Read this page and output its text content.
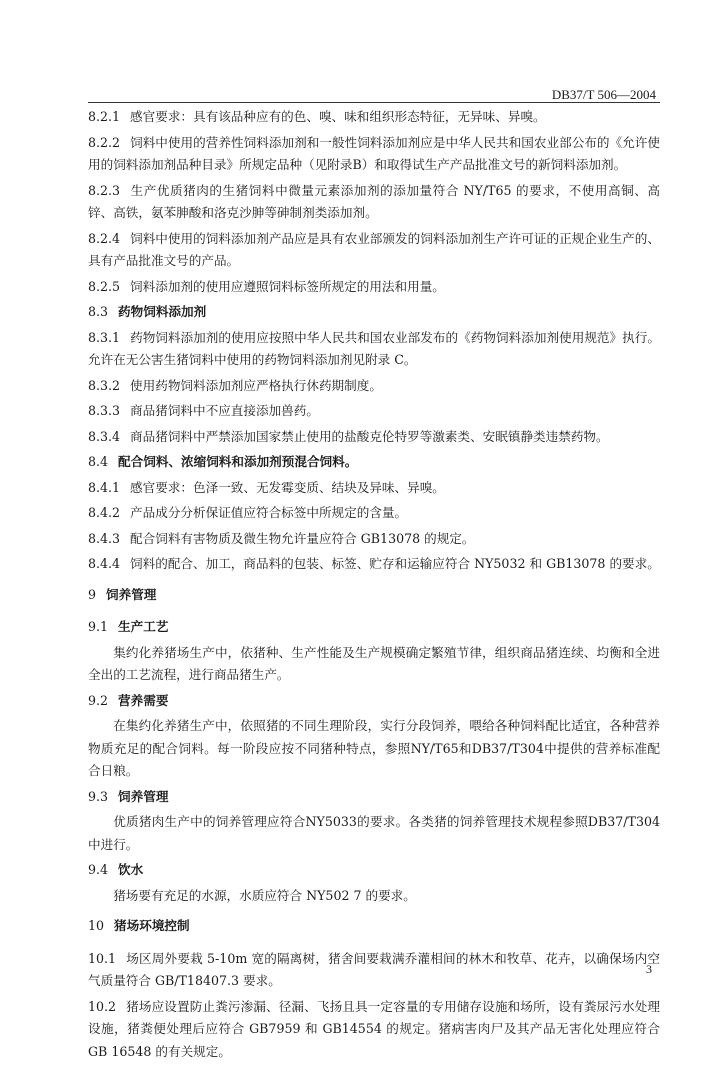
DB37/T 506—2004

8.2.1 感官要求：具有该品种应有的色、嗅、味和组织形态特征，无异味、异嗅。

8.2.2 饲料中使用的营养性饲料添加剂和一般性饲料添加剂应是中华人民共和国农业部公布的《允许使用的饲料添加剂品种目录》所规定品种（见附录B）和取得试生产产品批准文号的新饲料添加剂。

8.2.3 生产优质猪肉的生猪饲料中微量元素添加剂的添加量符合 NY/T65 的要求，不使用高铜、高锌、高铁，氨苯胂酸和洛克沙胂等砷制剂类添加剂。

8.2.4 饲料中使用的饲料添加剂产品应是具有农业部颁发的饲料添加剂生产许可证的正规企业生产的、具有产品批准文号的产品。

8.2.5 饲料添加剂的使用应遵照饲料标签所规定的用法和用量。

8.3 药物饲料添加剂

8.3.1 药物饲料添加剂的使用应按照中华人民共和国农业部发布的《药物饲料添加剂使用规范》执行。允许在无公害生猪饲料中使用的药物饲料添加剂见附录 C。

8.3.2 使用药物饲料添加剂应严格执行休药期制度。

8.3.3 商品猪饲料中不应直接添加兽药。

8.3.4 商品猪饲料中严禁添加国家禁止使用的盐酸克伦特罗等激素类、安眠镇静类违禁药物。

8.4 配合饲料、浓缩饲料和添加剂预混合饲料。

8.4.1 感官要求：色泽一致、无发霉变质、结块及异味、异嗅。

8.4.2 产品成分分析保证值应符合标签中所规定的含量。

8.4.3 配合饲料有害物质及微生物允许量应符合 GB13078 的规定。

8.4.4 饲料的配合、加工，商品料的包装、标签、贮存和运输应符合 NY5032 和 GB13078 的要求。

9 饲养管理

9.1 生产工艺

集约化养猪场生产中，依猪种、生产性能及生产规模确定繁殖节律，组织商品猪连续、均衡和全进全出的工艺流程，进行商品猪生产。

9.2 营养需要

在集约化养猪生产中，依照猪的不同生理阶段，实行分段饲养，喂给各种饲料配比适宜，各种营养物质充足的配合饲料。每一阶段应按不同猪种特点，参照NY/T65和DB37/T304中提供的营养标准配合日粮。

9.3 饲养管理

优质猪肉生产中的饲养管理应符合NY5033的要求。各类猪的饲养管理技术规程参照DB37/T304中进行。

9.4 饮水

猪场要有充足的水源，水质应符合 NY502 7 的要求。

10 猪场环境控制

10.1 场区周外要栽 5-10m 宽的隔离树，猪舍间要栽满乔灌相间的林木和牧草、花卉，以确保场内空气质量符合 GB/T18407.3 要求。

10.2 猪场应设置防止粪污渗漏、径漏、飞扬且具一定容量的专用储存设施和场所，设有粪尿污水处理设施，猪粪便处理后应符合 GB7959 和 GB14554 的规定。猪病害肉尸及其产品无害化处理应符合 GB 16548 的有关规定。

3
